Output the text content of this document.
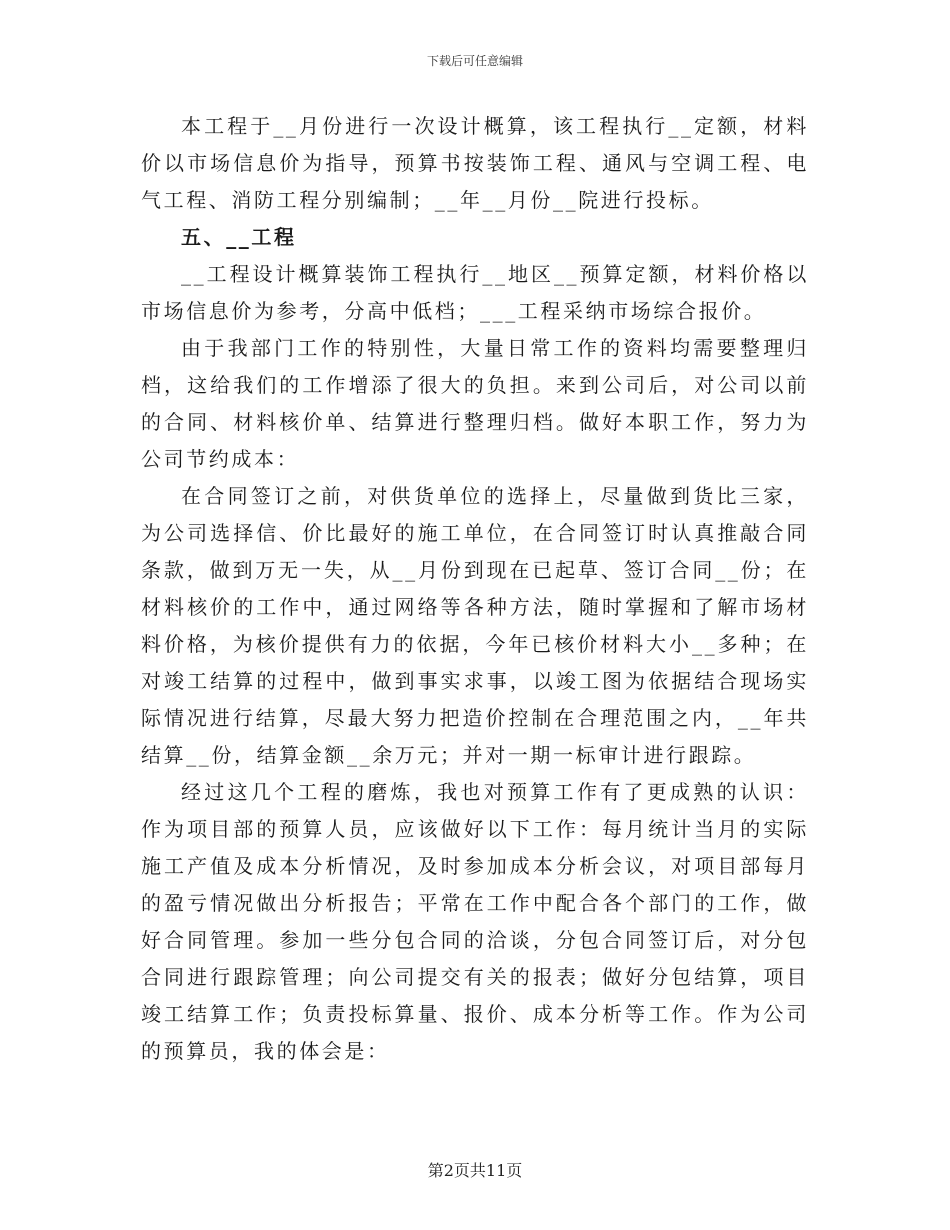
下载后可任意编辑

本工程于__月份进行一次设计概算，该工程执行__定额，材料价以市场信息价为指导，预算书按装饰工程、通风与空调工程、电气工程、消防工程分别编制；__年__月份__院进行投标。

五、__工程

__工程设计概算装饰工程执行__地区__预算定额，材料价格以市场信息价为参考，分高中低档；___工程采纳市场综合报价。

由于我部门工作的特别性，大量日常工作的资料均需要整理归档，这给我们的工作增添了很大的负担。来到公司后，对公司以前的合同、材料核价单、结算进行整理归档。做好本职工作，努力为公司节约成本：

在合同签订之前，对供货单位的选择上，尽量做到货比三家，为公司选择信、价比最好的施工单位，在合同签订时认真推敲合同条款，做到万无一失，从__月份到现在已起草、签订合同__份；在材料核价的工作中，通过网络等各种方法，随时掌握和了解市场材料价格，为核价提供有力的依据，今年已核价材料大小__多种；在对竣工结算的过程中，做到事实求事，以竣工图为依据结合现场实际情况进行结算，尽最大努力把造价控制在合理范围之内，__年共结算__份，结算金额__余万元；并对一期一标审计进行跟踪。

经过这几个工程的磨炼，我也对预算工作有了更成熟的认识：作为项目部的预算人员，应该做好以下工作：每月统计当月的实际施工产值及成本分析情况，及时参加成本分析会议，对项目部每月的盈亏情况做出分析报告；平常在工作中配合各个部门的工作，做好合同管理。参加一些分包合同的洽谈，分包合同签订后，对分包合同进行跟踪管理；向公司提交有关的报表；做好分包结算，项目竣工结算工作；负责投标算量、报价、成本分析等工作。作为公司的预算员，我的体会是：

第2页共11页
